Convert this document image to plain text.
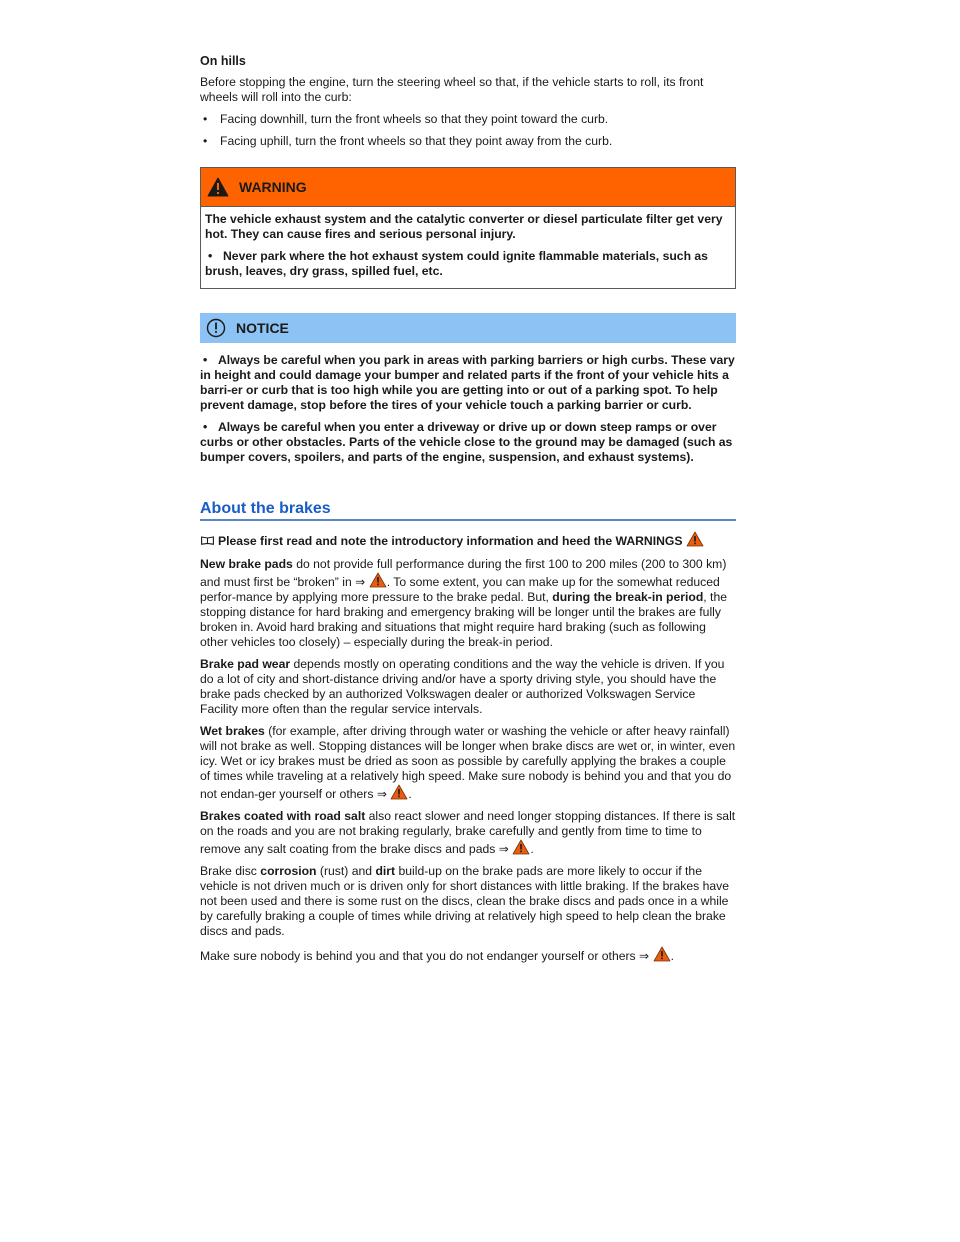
On hills

Before stopping the engine, turn the steering wheel so that, if the vehicle starts to roll, its front wheels will roll into the curb:

• Facing downhill, turn the front wheels so that they point toward the curb.
• Facing uphill, turn the front wheels so that they point away from the curb.
WARNING

The vehicle exhaust system and the catalytic converter or diesel particulate filter get very hot. They can cause fires and serious personal injury.

• Never park where the hot exhaust system could ignite flammable materials, such as brush, leaves, dry grass, spilled fuel, etc.

NOTICE
• Always be careful when you park in areas with parking barriers or high curbs. These vary in height and could damage your bumper and related parts if the front of your vehicle hits a barri-er or curb that is too high while you are getting into or out of a parking spot. To help prevent damage, stop before the tires of your vehicle touch a parking barrier or curb.
• Always be careful when you enter a driveway or drive up or down steep ramps or over curbs or other obstacles. Parts of the vehicle close to the ground may be damaged (such as bumper covers, spoilers, and parts of the engine, suspension, and exhaust systems).
About the brakes

Please first read and note the introductory information and heed the WARNINGS

New brake pads do not provide full performance during the first 100 to 200 miles (200 to 300 km) and must first be “broken” in ⇒ . To some extent, you can make up for the somewhat reduced perfor-mance by applying more pressure to the brake pedal. But, during the break-in period, the stopping distance for hard braking and emergency braking will be longer until the brakes are fully broken in. Avoid hard braking and situations that might require hard braking (such as following other vehicles too closely) – especially during the break-in period.

Brake pad wear depends mostly on operating conditions and the way the vehicle is driven. If you do a lot of city and short-distance driving and/or have a sporty driving style, you should have the brake pads checked by an authorized Volkswagen dealer or authorized Volkswagen Service Facility more often than the regular service intervals.

Wet brakes (for example, after driving through water or washing the vehicle or after heavy rainfall) will not brake as well. Stopping distances will be longer when brake discs are wet or, in winter, even icy. Wet or icy brakes must be dried as soon as possible by carefully applying the brakes a couple of times while traveling at a relatively high speed. Make sure nobody is behind you and that you do not endan-ger yourself or others ⇒ .

Brakes coated with road salt also react slower and need longer stopping distances. If there is salt on the roads and you are not braking regularly, brake carefully and gently from time to time to remove any salt coating from the brake discs and pads ⇒ .

Brake disc corrosion (rust) and dirt build-up on the brake pads are more likely to occur if the vehicle is not driven much or is driven only for short distances with little braking. If the brakes have not been used and there is some rust on the discs, clean the brake discs and pads once in a while by carefully braking a couple of times while driving at relatively high speed to help clean the brake discs and pads.

Make sure nobody is behind you and that you do not endanger yourself or others ⇒ .
